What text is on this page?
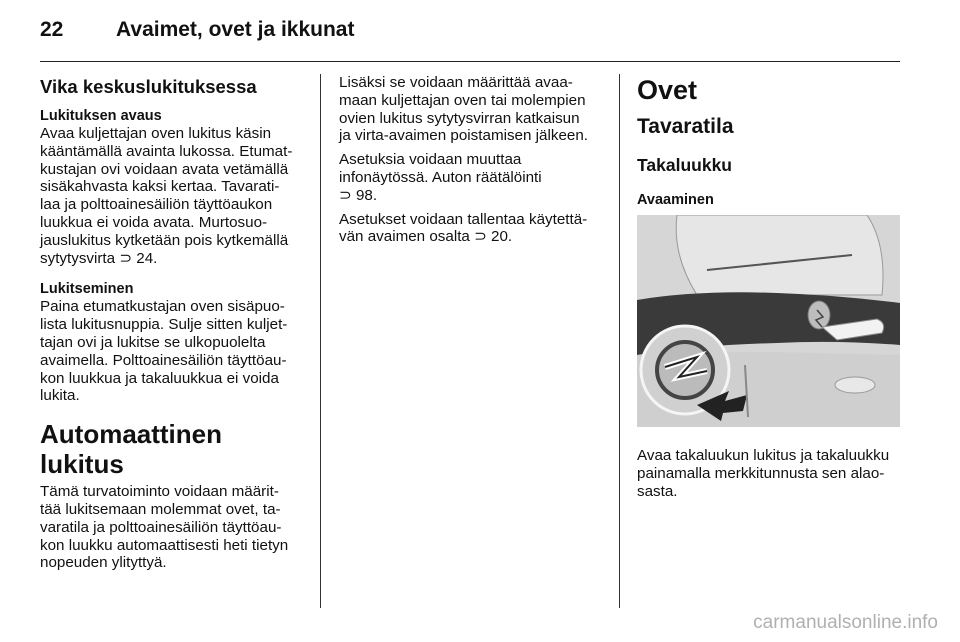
22	Avaimet, ovet ja ikkunat
Vika keskuslukituksessa
Lukituksen avaus
Avaa kuljettajan oven lukitus käsin
kääntämällä avainta lukossa. Etumat-
kustajan ovi voidaan avata vetämällä
sisäkahvasta kaksi kertaa. Tavarati-
laa ja polttoainesäiliön täyttöaukon
luukkua ei voida avata. Murtosuo-
jauslukitus kytketään pois kytkemällä
sytytysvirta ⊃ 24.
Lukitseminen
Paina etumatkustajan oven sisäpuo-
lista lukitusnuppia. Sulje sitten kuljet-
tajan ovi ja lukitse se ulkopuolelta
avaimella. Polttoainesäiliön täyttöau-
kon luukkua ja takaluukkua ei voida
lukita.
Automaattinen lukitus
Tämä turvatoiminto voidaan määrit-
tää lukitsemaan molemmat ovet, ta-
varatila ja polttoainesäiliön täyttöau-
kon luukku automaattisesti heti tietyn
nopeuden ylityttyä.
Lisäksi se voidaan määrittää avaa-
maan kuljettajan oven tai molempien
ovien lukitus sytytysvirran katkaisun
ja virta-avaimen poistamisen jälkeen.
Asetuksia voidaan muuttaa
infonäytössä. Auton räätälöinti
⊃ 98.
Asetukset voidaan tallentaa käytettä-
vän avaimen osalta ⊃ 20.
Ovet
Tavaratila
Takaluukku
Avaaminen
Avaa takaluukun lukitus ja takaluukku
painamalla merkkitunnusta sen alao-
sasta.
carmanualsonline.info
